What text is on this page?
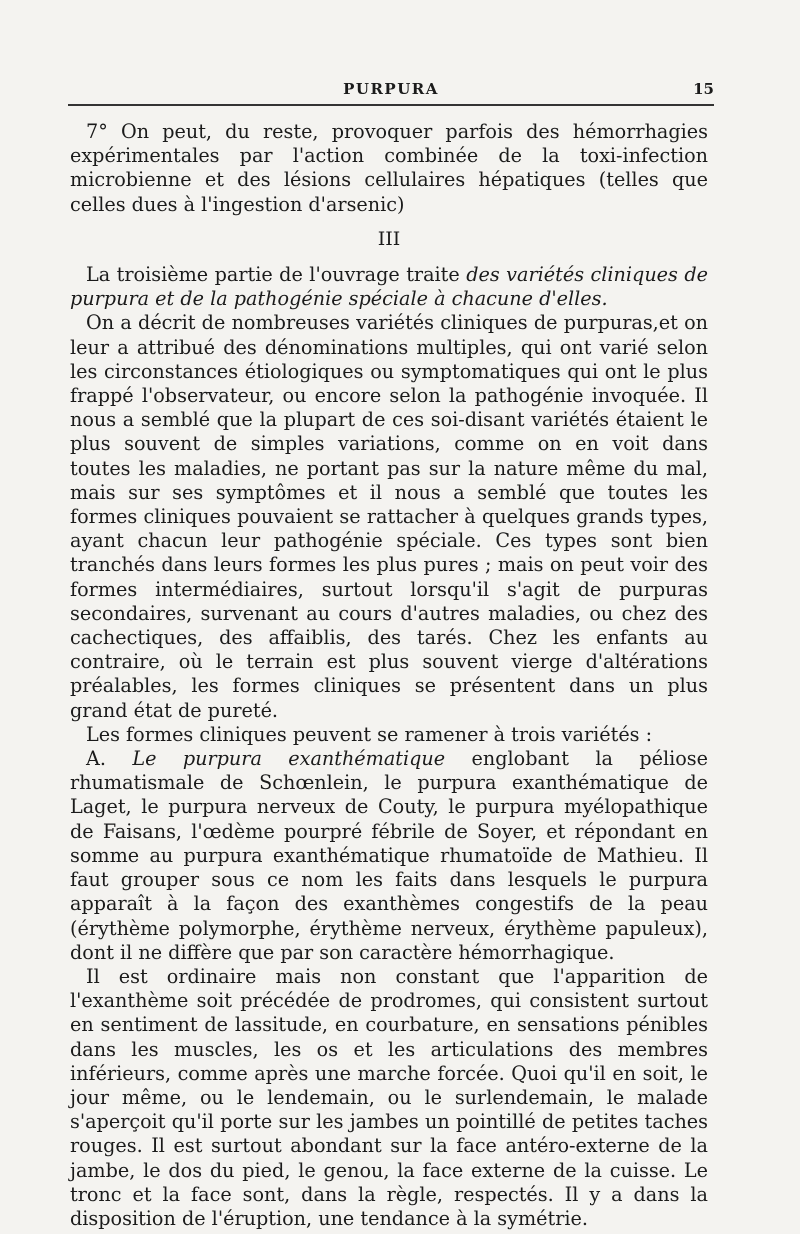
PURPURA	15

7° On peut, du reste, provoquer parfois des hémorrhagies expérimentales par l'action combinée de la toxi-infection microbienne et des lésions cellulaires hépatiques (telles que celles dues à l'ingestion d'arsenic)

III

La troisième partie de l'ouvrage traite des variétés cliniques de purpura et de la pathogénie spéciale à chacune d'elles.

On a décrit de nombreuses variétés cliniques de purpuras,et on leur a attribué des dénominations multiples, qui ont varié selon les circonstances étiologiques ou symptomatiques qui ont le plus frappé l'observateur, ou encore selon la pathogénie invoquée. Il nous a semblé que la plupart de ces soi-disant variétés étaient le plus souvent de simples variations, comme on en voit dans toutes les maladies, ne portant pas sur la nature même du mal, mais sur ses symptômes et il nous a semblé que toutes les formes cliniques pouvaient se rattacher à quelques grands types, ayant chacun leur pathogénie spéciale. Ces types sont bien tranchés dans leurs formes les plus pures ; mais on peut voir des formes intermédiaires, surtout lorsqu'il s'agit de purpuras secondaires, survenant au cours d'autres maladies, ou chez des cachectiques, des affaiblis, des tarés. Chez les enfants au contraire, où le terrain est plus souvent vierge d'altérations préalables, les formes cliniques se présentent dans un plus grand état de pureté.

Les formes cliniques peuvent se ramener à trois variétés :

A. Le purpura exanthématique englobant la péliose rhumatismale de Schœnlein, le purpura exanthématique de Laget, le purpura nerveux de Couty, le purpura myélopathique de Faisans, l'œdème pourpré fébrile de Soyer, et répondant en somme au purpura exanthématique rhumatoïde de Mathieu. Il faut grouper sous ce nom les faits dans lesquels le purpura apparaît à la façon des exanthèmes congestifs de la peau (érythème polymorphe, érythème nerveux, érythème papuleux), dont il ne diffère que par son caractère hémorrhagique.

Il est ordinaire mais non constant que l'apparition de l'exanthème soit précédée de prodromes, qui consistent surtout en sentiment de lassitude, en courbature, en sensations pénibles dans les muscles, les os et les articulations des membres inférieurs, comme après une marche forcée. Quoi qu'il en soit, le jour même, ou le lendemain, ou le surlendemain, le malade s'aperçoit qu'il porte sur les jambes un pointillé de petites taches rouges. Il est surtout abondant sur la face antéro-externe de la jambe, le dos du pied, le genou, la face externe de la cuisse. Le tronc et la face sont, dans la règle, respectés. Il y a dans la disposition de l'éruption, une tendance à la symétrie.
